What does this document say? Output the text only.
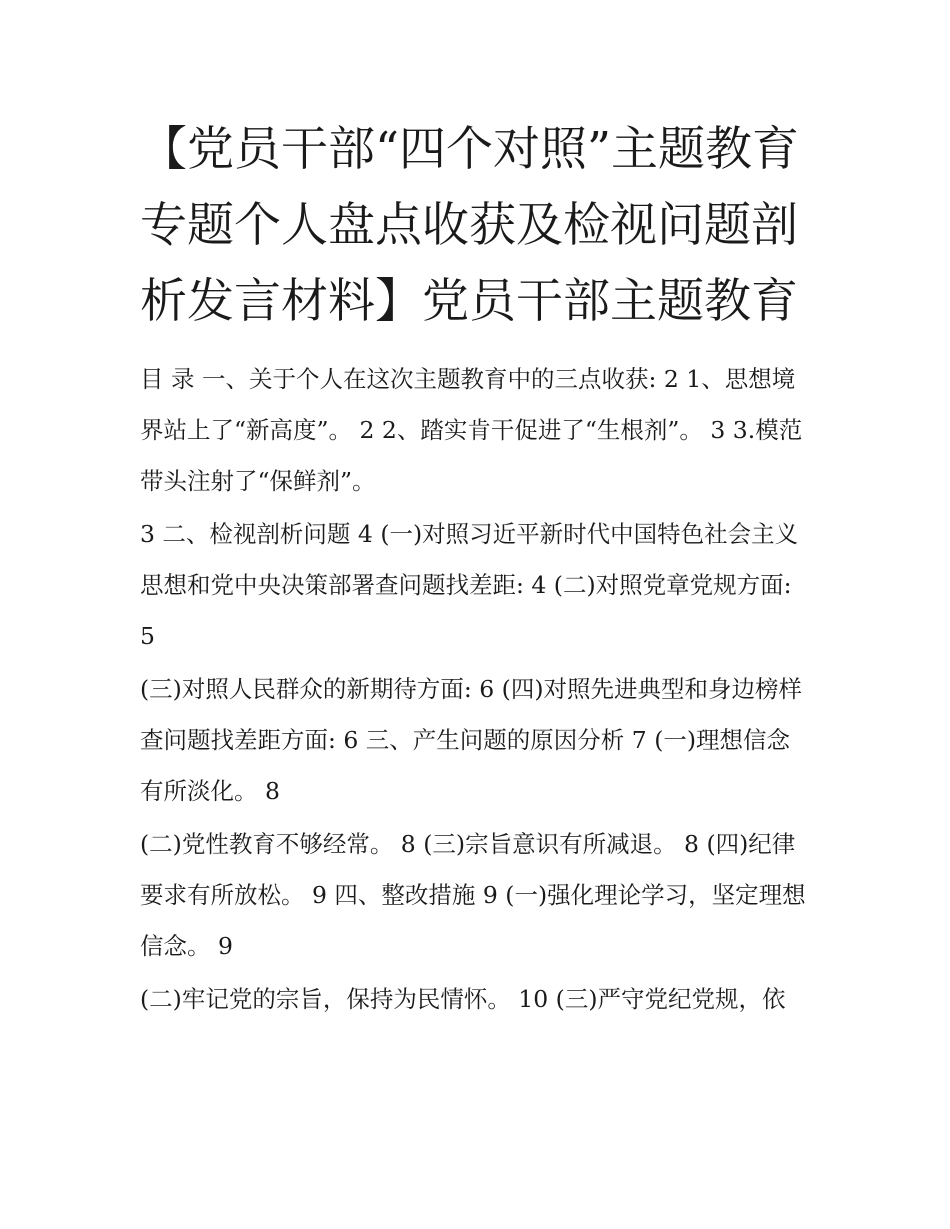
【党员干部“四个对照”主题教育专题个人盘点收获及检视问题剖析发言材料】党员干部主题教育

目 录 一、关于个人在这次主题教育中的三点收获: 2 1、思想境界站上了“新高度”。 2 2、踏实肯干促进了“生根剂”。 3 3.模范带头注射了“保鲜剂”。

3 二、检视剖析问题 4 (一)对照习近平新时代中国特色社会主义思想和党中央决策部署查问题找差距: 4 (二)对照党章党规方面: 5

(三)对照人民群众的新期待方面: 6 (四)对照先进典型和身边榜样查问题找差距方面: 6 三、产生问题的原因分析 7 (一)理想信念有所淡化。 8

(二)党性教育不够经常。 8 (三)宗旨意识有所减退。 8 (四)纪律要求有所放松。 9 四、整改措施 9 (一)强化理论学习，坚定理想信念。 9

(二)牢记党的宗旨，保持为民情怀。 10 (三)严守党纪党规，依
